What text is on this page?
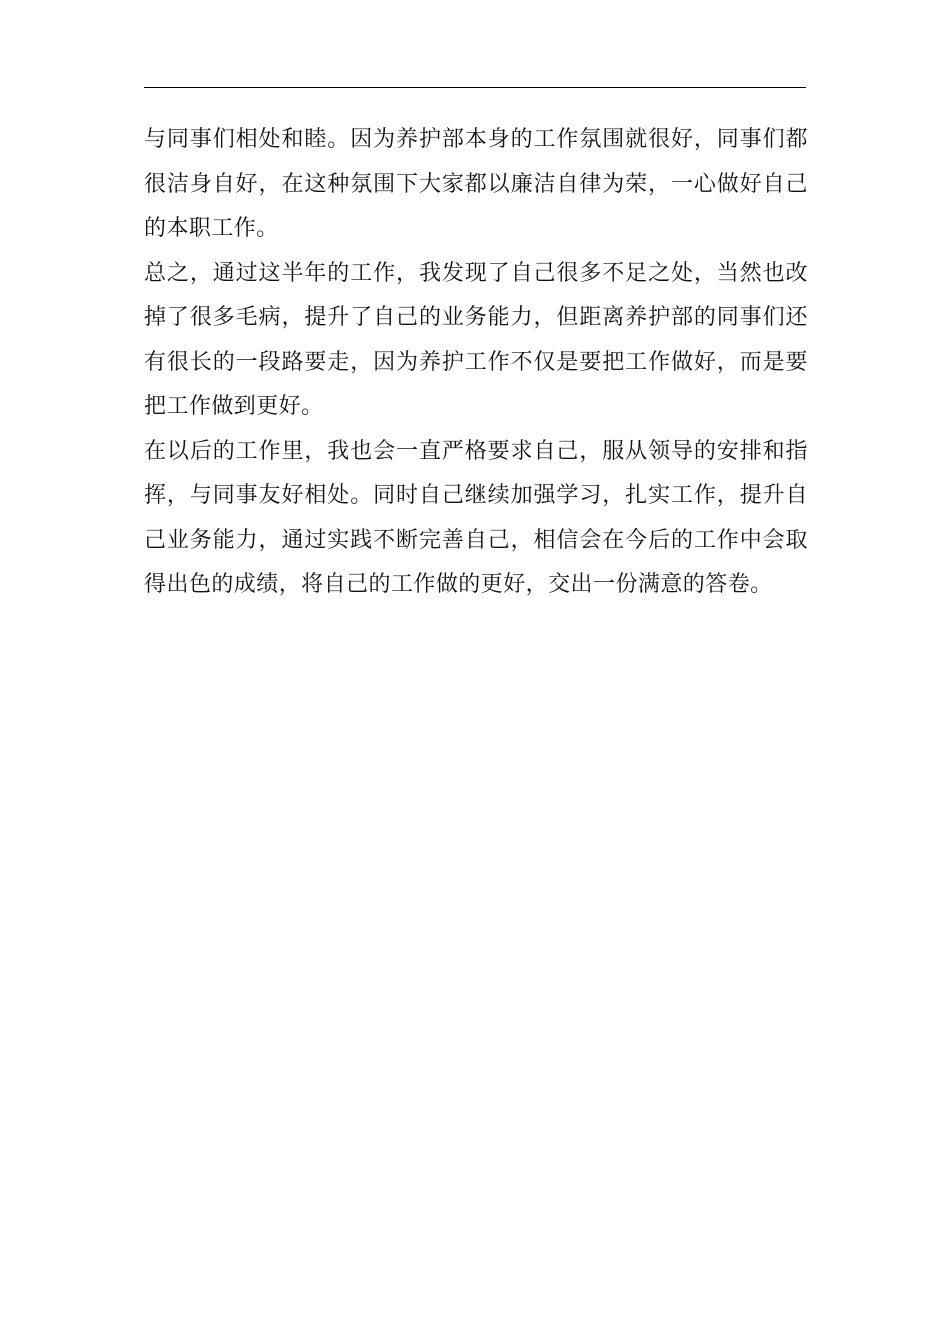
与同事们相处和睦。因为养护部本身的工作氛围就很好，同事们都很洁身自好，在这种氛围下大家都以廉洁自律为荣，一心做好自己的本职工作。

总之，通过这半年的工作，我发现了自己很多不足之处，当然也改掉了很多毛病，提升了自己的业务能力，但距离养护部的同事们还有很长的一段路要走，因为养护工作不仅是要把工作做好，而是要把工作做到更好。

在以后的工作里，我也会一直严格要求自己，服从领导的安排和指挥，与同事友好相处。同时自己继续加强学习，扎实工作，提升自己业务能力，通过实践不断完善自己，相信会在今后的工作中会取得出色的成绩，将自己的工作做的更好，交出一份满意的答卷。
